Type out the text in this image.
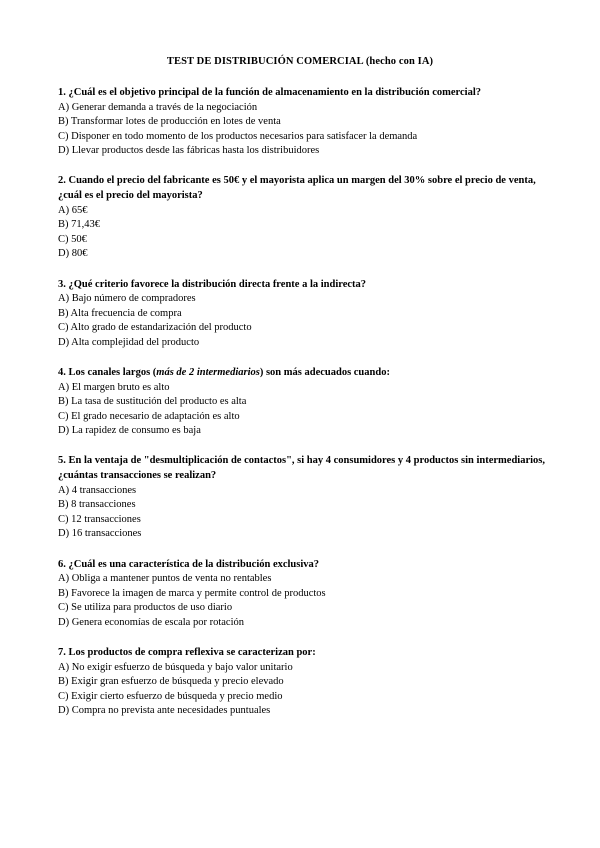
TEST DE DISTRIBUCIÓN COMERCIAL (hecho con IA)

1. ¿Cuál es el objetivo principal de la función de almacenamiento en la distribución comercial?

A) Generar demanda a través de la negociación

B) Transformar lotes de producción en lotes de venta

C) Disponer en todo momento de los productos necesarios para satisfacer la demanda

D) Llevar productos desde las fábricas hasta los distribuidores

2. Cuando el precio del fabricante es 50€ y el mayorista aplica un margen del 30% sobre el precio de venta, ¿cuál es el precio del mayorista?

A) 65€

B) 71,43€

C) 50€

D) 80€

3. ¿Qué criterio favorece la distribución directa frente a la indirecta?

A) Bajo número de compradores

B) Alta frecuencia de compra

C) Alto grado de estandarización del producto

D) Alta complejidad del producto

4. Los canales largos (más de 2 intermediarios) son más adecuados cuando:

A) El margen bruto es alto

B) La tasa de sustitución del producto es alta

C) El grado necesario de adaptación es alto

D) La rapidez de consumo es baja

5. En la ventaja de "desmultiplicación de contactos", si hay 4 consumidores y 4 productos sin intermediarios, ¿cuántas transacciones se realizan?

A) 4 transacciones

B) 8 transacciones

C) 12 transacciones

D) 16 transacciones

6. ¿Cuál es una característica de la distribución exclusiva?

A) Obliga a mantener puntos de venta no rentables

B) Favorece la imagen de marca y permite control de productos

C) Se utiliza para productos de uso diario

D) Genera economías de escala por rotación

7. Los productos de compra reflexiva se caracterizan por:

A) No exigir esfuerzo de búsqueda y bajo valor unitario

B) Exigir gran esfuerzo de búsqueda y precio elevado

C) Exigir cierto esfuerzo de búsqueda y precio medio

D) Compra no prevista ante necesidades puntuales
